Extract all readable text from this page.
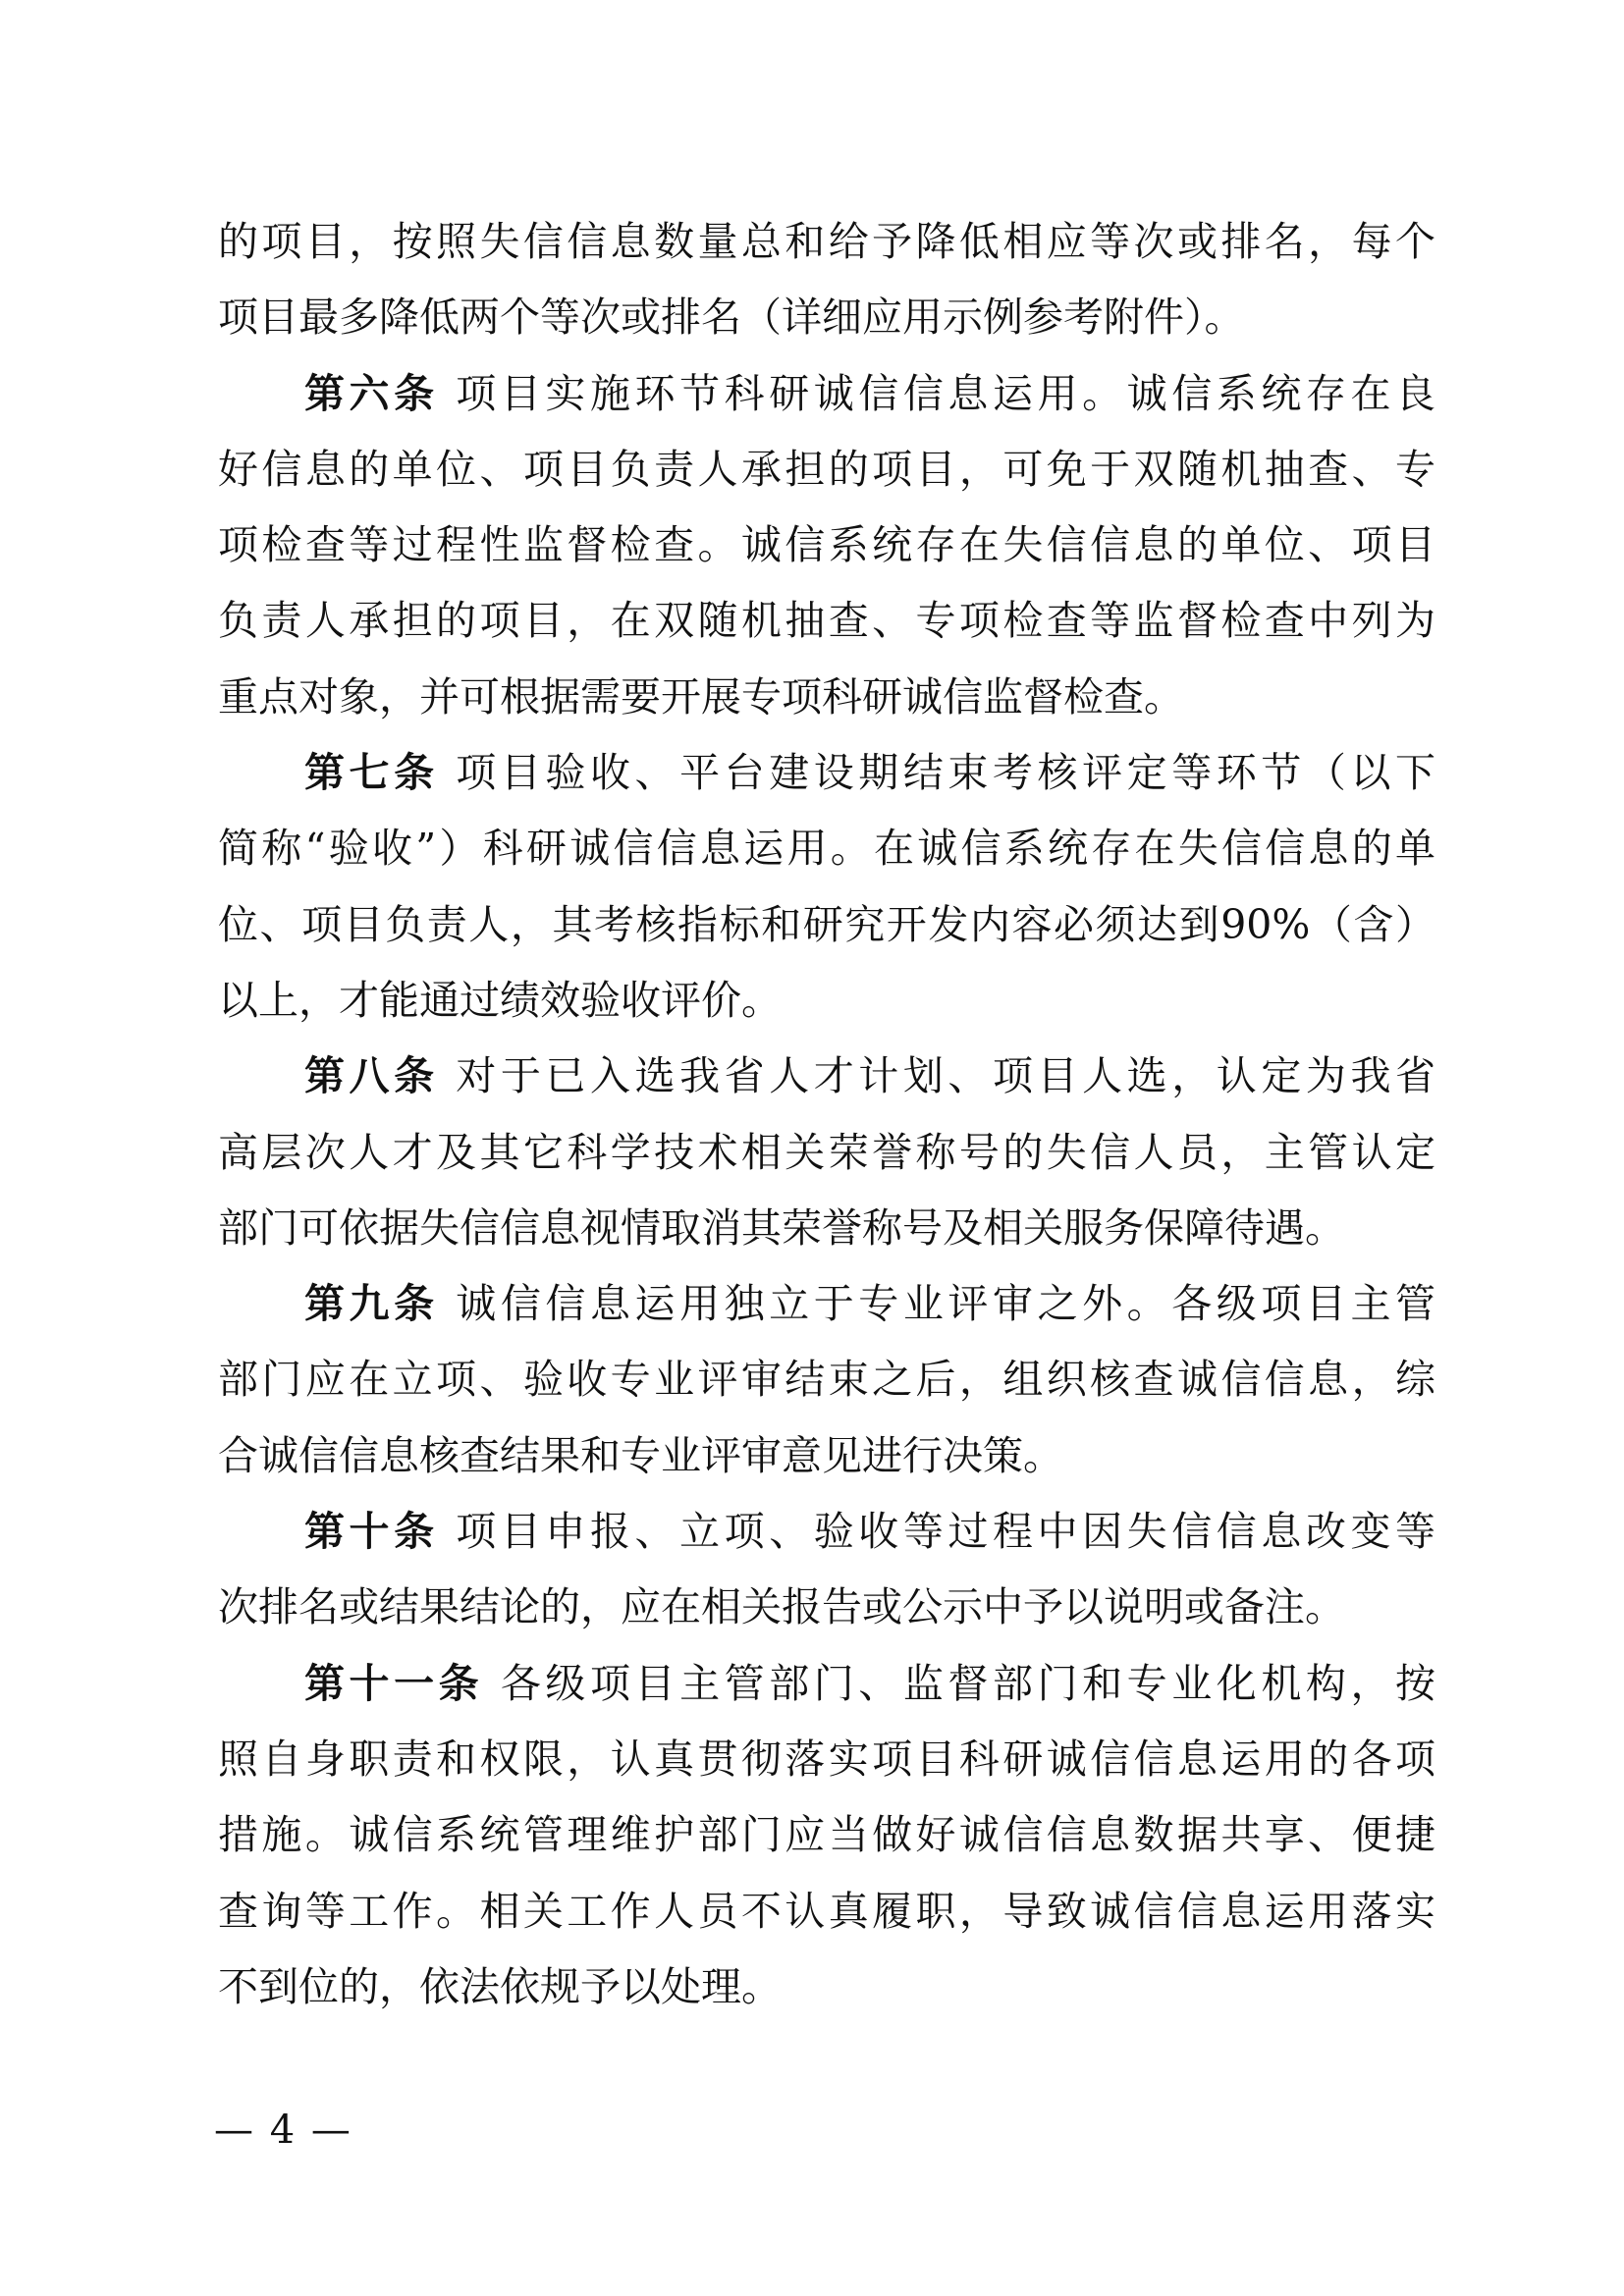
的项目，按照失信信息数量总和给予降低相应等次或排名，每个
项目最多降低两个等次或排名（详细应用示例参考附件）。
第六条 项目实施环节科研诚信信息运用。诚信系统存在良
好信息的单位、项目负责人承担的项目，可免于双随机抽查、专
项检查等过程性监督检查。诚信系统存在失信信息的单位、项目
负责人承担的项目，在双随机抽查、专项检查等监督检查中列为
重点对象，并可根据需要开展专项科研诚信监督检查。
第七条 项目验收、平台建设期结束考核评定等环节（以下
简称“验收”）科研诚信信息运用。在诚信系统存在失信信息的单
位、项目负责人，其考核指标和研究开发内容必须达到90%（含）
以上，才能通过绩效验收评价。
第八条 对于已入选我省人才计划、项目人选，认定为我省
高层次人才及其它科学技术相关荣誉称号的失信人员，主管认定
部门可依据失信信息视情取消其荣誉称号及相关服务保障待遇。
第九条 诚信信息运用独立于专业评审之外。各级项目主管
部门应在立项、验收专业评审结束之后，组织核查诚信信息，综
合诚信信息核查结果和专业评审意见进行决策。
第十条 项目申报、立项、验收等过程中因失信信息改变等
次排名或结果结论的，应在相关报告或公示中予以说明或备注。
第十一条 各级项目主管部门、监督部门和专业化机构，按
照自身职责和权限，认真贯彻落实项目科研诚信信息运用的各项
措施。诚信系统管理维护部门应当做好诚信信息数据共享、便捷
查询等工作。相关工作人员不认真履职，导致诚信信息运用落实
不到位的，依法依规予以处理。
— 4 —
